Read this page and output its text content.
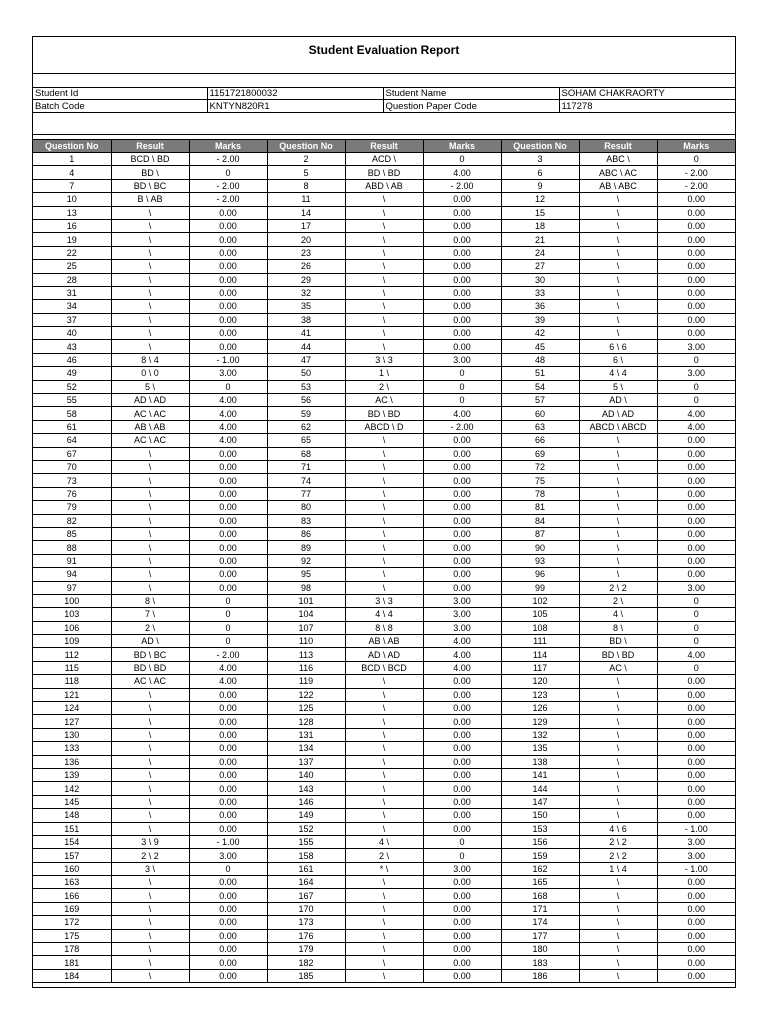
Student Evaluation Report
Student Id	1151721800032	Student Name	SOHAM CHAKRAORTY
Batch Code	KNTYN820R1	Question Paper Code	117278
Question No	Result	Marks	Question No	Result	Marks	Question No	Result	Marks
1	BCD \ BD	- 2.00	2	ACD \	0	3	ABC \	0
4	BD \	0	5	BD \ BD	4.00	6	ABC \ AC	- 2.00
7	BD \ BC	- 2.00	8	ABD \ AB	- 2.00	9	AB \ ABC	- 2.00
10	B \ AB	- 2.00	11	\	0.00	12	\	0.00
13	\	0.00	14	\	0.00	15	\	0.00
16	\	0.00	17	\	0.00	18	\	0.00
19	\	0.00	20	\	0.00	21	\	0.00
22	\	0.00	23	\	0.00	24	\	0.00
25	\	0.00	26	\	0.00	27	\	0.00
28	\	0.00	29	\	0.00	30	\	0.00
31	\	0.00	32	\	0.00	33	\	0.00
34	\	0.00	35	\	0.00	36	\	0.00
37	\	0.00	38	\	0.00	39	\	0.00
40	\	0.00	41	\	0.00	42	\	0.00
43	\	0.00	44	\	0.00	45	6 \ 6	3.00
46	8 \ 4	- 1.00	47	3 \ 3	3.00	48	6 \	0
49	0 \ 0	3.00	50	1 \	0	51	4 \ 4	3.00
52	5 \	0	53	2 \	0	54	5 \	0
55	AD \ AD	4.00	56	AC \	0	57	AD \	0
58	AC \ AC	4.00	59	BD \ BD	4.00	60	AD \ AD	4.00
61	AB \ AB	4.00	62	ABCD \ D	- 2.00	63	ABCD \ ABCD	4.00
64	AC \ AC	4.00	65	\	0.00	66	\	0.00
67	\	0.00	68	\	0.00	69	\	0.00
70	\	0.00	71	\	0.00	72	\	0.00
73	\	0.00	74	\	0.00	75	\	0.00
76	\	0.00	77	\	0.00	78	\	0.00
79	\	0.00	80	\	0.00	81	\	0.00
82	\	0.00	83	\	0.00	84	\	0.00
85	\	0.00	86	\	0.00	87	\	0.00
88	\	0.00	89	\	0.00	90	\	0.00
91	\	0.00	92	\	0.00	93	\	0.00
94	\	0.00	95	\	0.00	96	\	0.00
97	\	0.00	98	\	0.00	99	2 \ 2	3.00
100	8 \	0	101	3 \ 3	3.00	102	2 \	0
103	7 \	0	104	4 \ 4	3.00	105	4 \	0
106	2 \	0	107	8 \ 8	3.00	108	8 \	0
109	AD \	0	110	AB \ AB	4.00	111	BD \	0
112	BD \ BC	- 2.00	113	AD \ AD	4.00	114	BD \ BD	4.00
115	BD \ BD	4.00	116	BCD \ BCD	4.00	117	AC \	0
118	AC \ AC	4.00	119	\	0.00	120	\	0.00
121	\	0.00	122	\	0.00	123	\	0.00
124	\	0.00	125	\	0.00	126	\	0.00
127	\	0.00	128	\	0.00	129	\	0.00
130	\	0.00	131	\	0.00	132	\	0.00
133	\	0.00	134	\	0.00	135	\	0.00
136	\	0.00	137	\	0.00	138	\	0.00
139	\	0.00	140	\	0.00	141	\	0.00
142	\	0.00	143	\	0.00	144	\	0.00
145	\	0.00	146	\	0.00	147	\	0.00
148	\	0.00	149	\	0.00	150	\	0.00
151	\	0.00	152	\	0.00	153	4 \ 6	- 1.00
154	3 \ 9	- 1.00	155	4 \	0	156	2 \ 2	3.00
157	2 \ 2	3.00	158	2 \	0	159	2 \ 2	3.00
160	3 \	0	161	* \	3.00	162	1 \ 4	- 1.00
163	\	0.00	164	\	0.00	165	\	0.00
166	\	0.00	167	\	0.00	168	\	0.00
169	\	0.00	170	\	0.00	171	\	0.00
172	\	0.00	173	\	0.00	174	\	0.00
175	\	0.00	176	\	0.00	177	\	0.00
178	\	0.00	179	\	0.00	180	\	0.00
181	\	0.00	182	\	0.00	183	\	0.00
184	\	0.00	185	\	0.00	186	\	0.00
